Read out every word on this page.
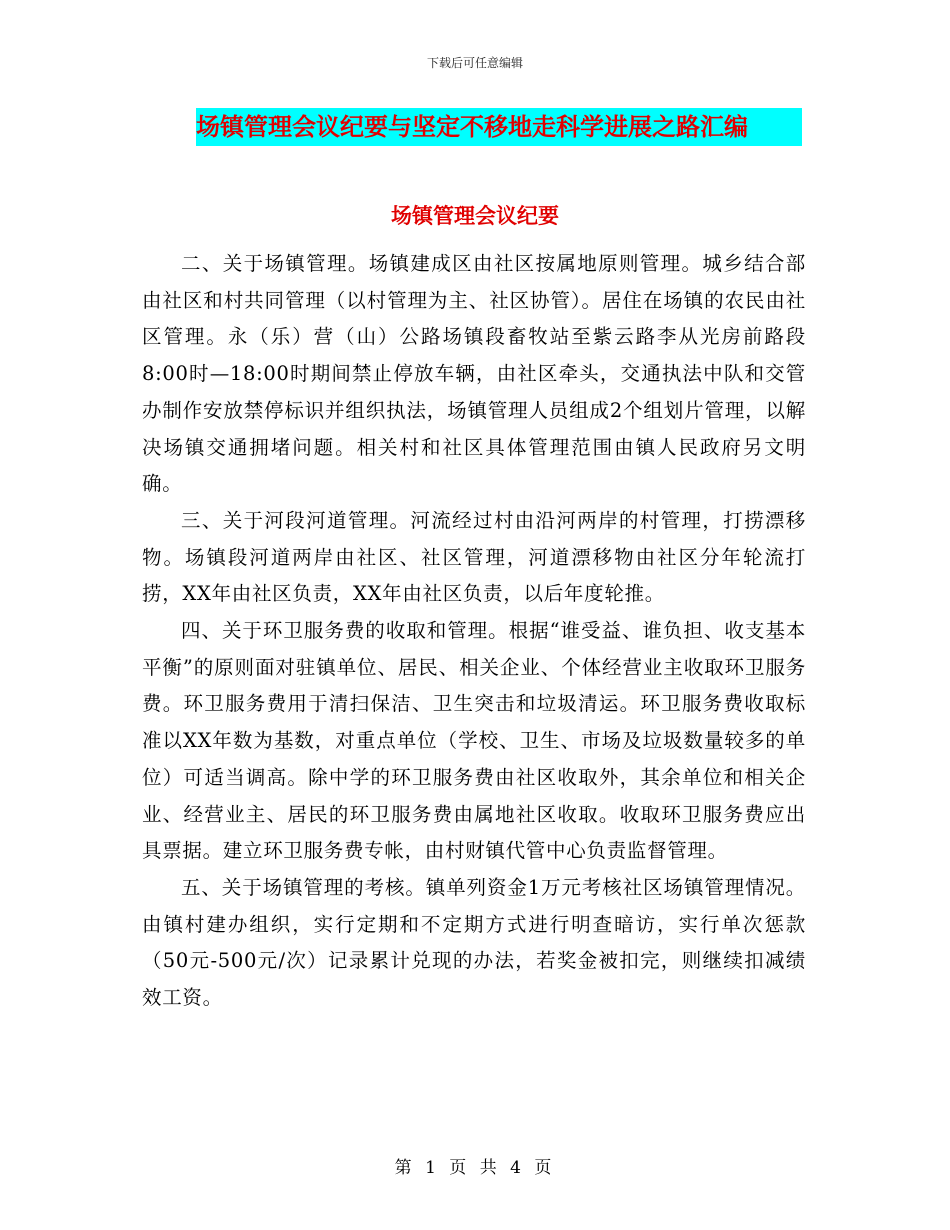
下载后可任意编辑
场镇管理会议纪要与坚定不移地走科学进展之路汇编
场镇管理会议纪要

二、关于场镇管理。场镇建成区由社区按属地原则管理。城乡结合部由社区和村共同管理（以村管理为主、社区协管）。居住在场镇的农民由社区管理。永（乐）营（山）公路场镇段畜牧站至紫云路李从光房前路段8:00时—18:00时期间禁止停放车辆，由社区牵头，交通执法中队和交管办制作安放禁停标识并组织执法，场镇管理人员组成2个组划片管理，以解决场镇交通拥堵问题。相关村和社区具体管理范围由镇人民政府另文明确。

三、关于河段河道管理。河流经过村由沿河两岸的村管理，打捞漂移物。场镇段河道两岸由社区、社区管理，河道漂移物由社区分年轮流打捞，XX年由社区负责，XX年由社区负责，以后年度轮推。

四、关于环卫服务费的收取和管理。根据“谁受益、谁负担、收支基本平衡”的原则面对驻镇单位、居民、相关企业、个体经营业主收取环卫服务费。环卫服务费用于清扫保洁、卫生突击和垃圾清运。环卫服务费收取标准以XX年数为基数，对重点单位（学校、卫生、市场及垃圾数量较多的单位）可适当调高。除中学的环卫服务费由社区收取外，其余单位和相关企业、经营业主、居民的环卫服务费由属地社区收取。收取环卫服务费应出具票据。建立环卫服务费专帐，由村财镇代管中心负责监督管理。

五、关于场镇管理的考核。镇单列资金1万元考核社区场镇管理情况。由镇村建办组织，实行定期和不定期方式进行明查暗访，实行单次惩款（50元-500元/次）记录累计兑现的办法，若奖金被扣完，则继续扣减绩效工资。

第 1 页 共 4 页
